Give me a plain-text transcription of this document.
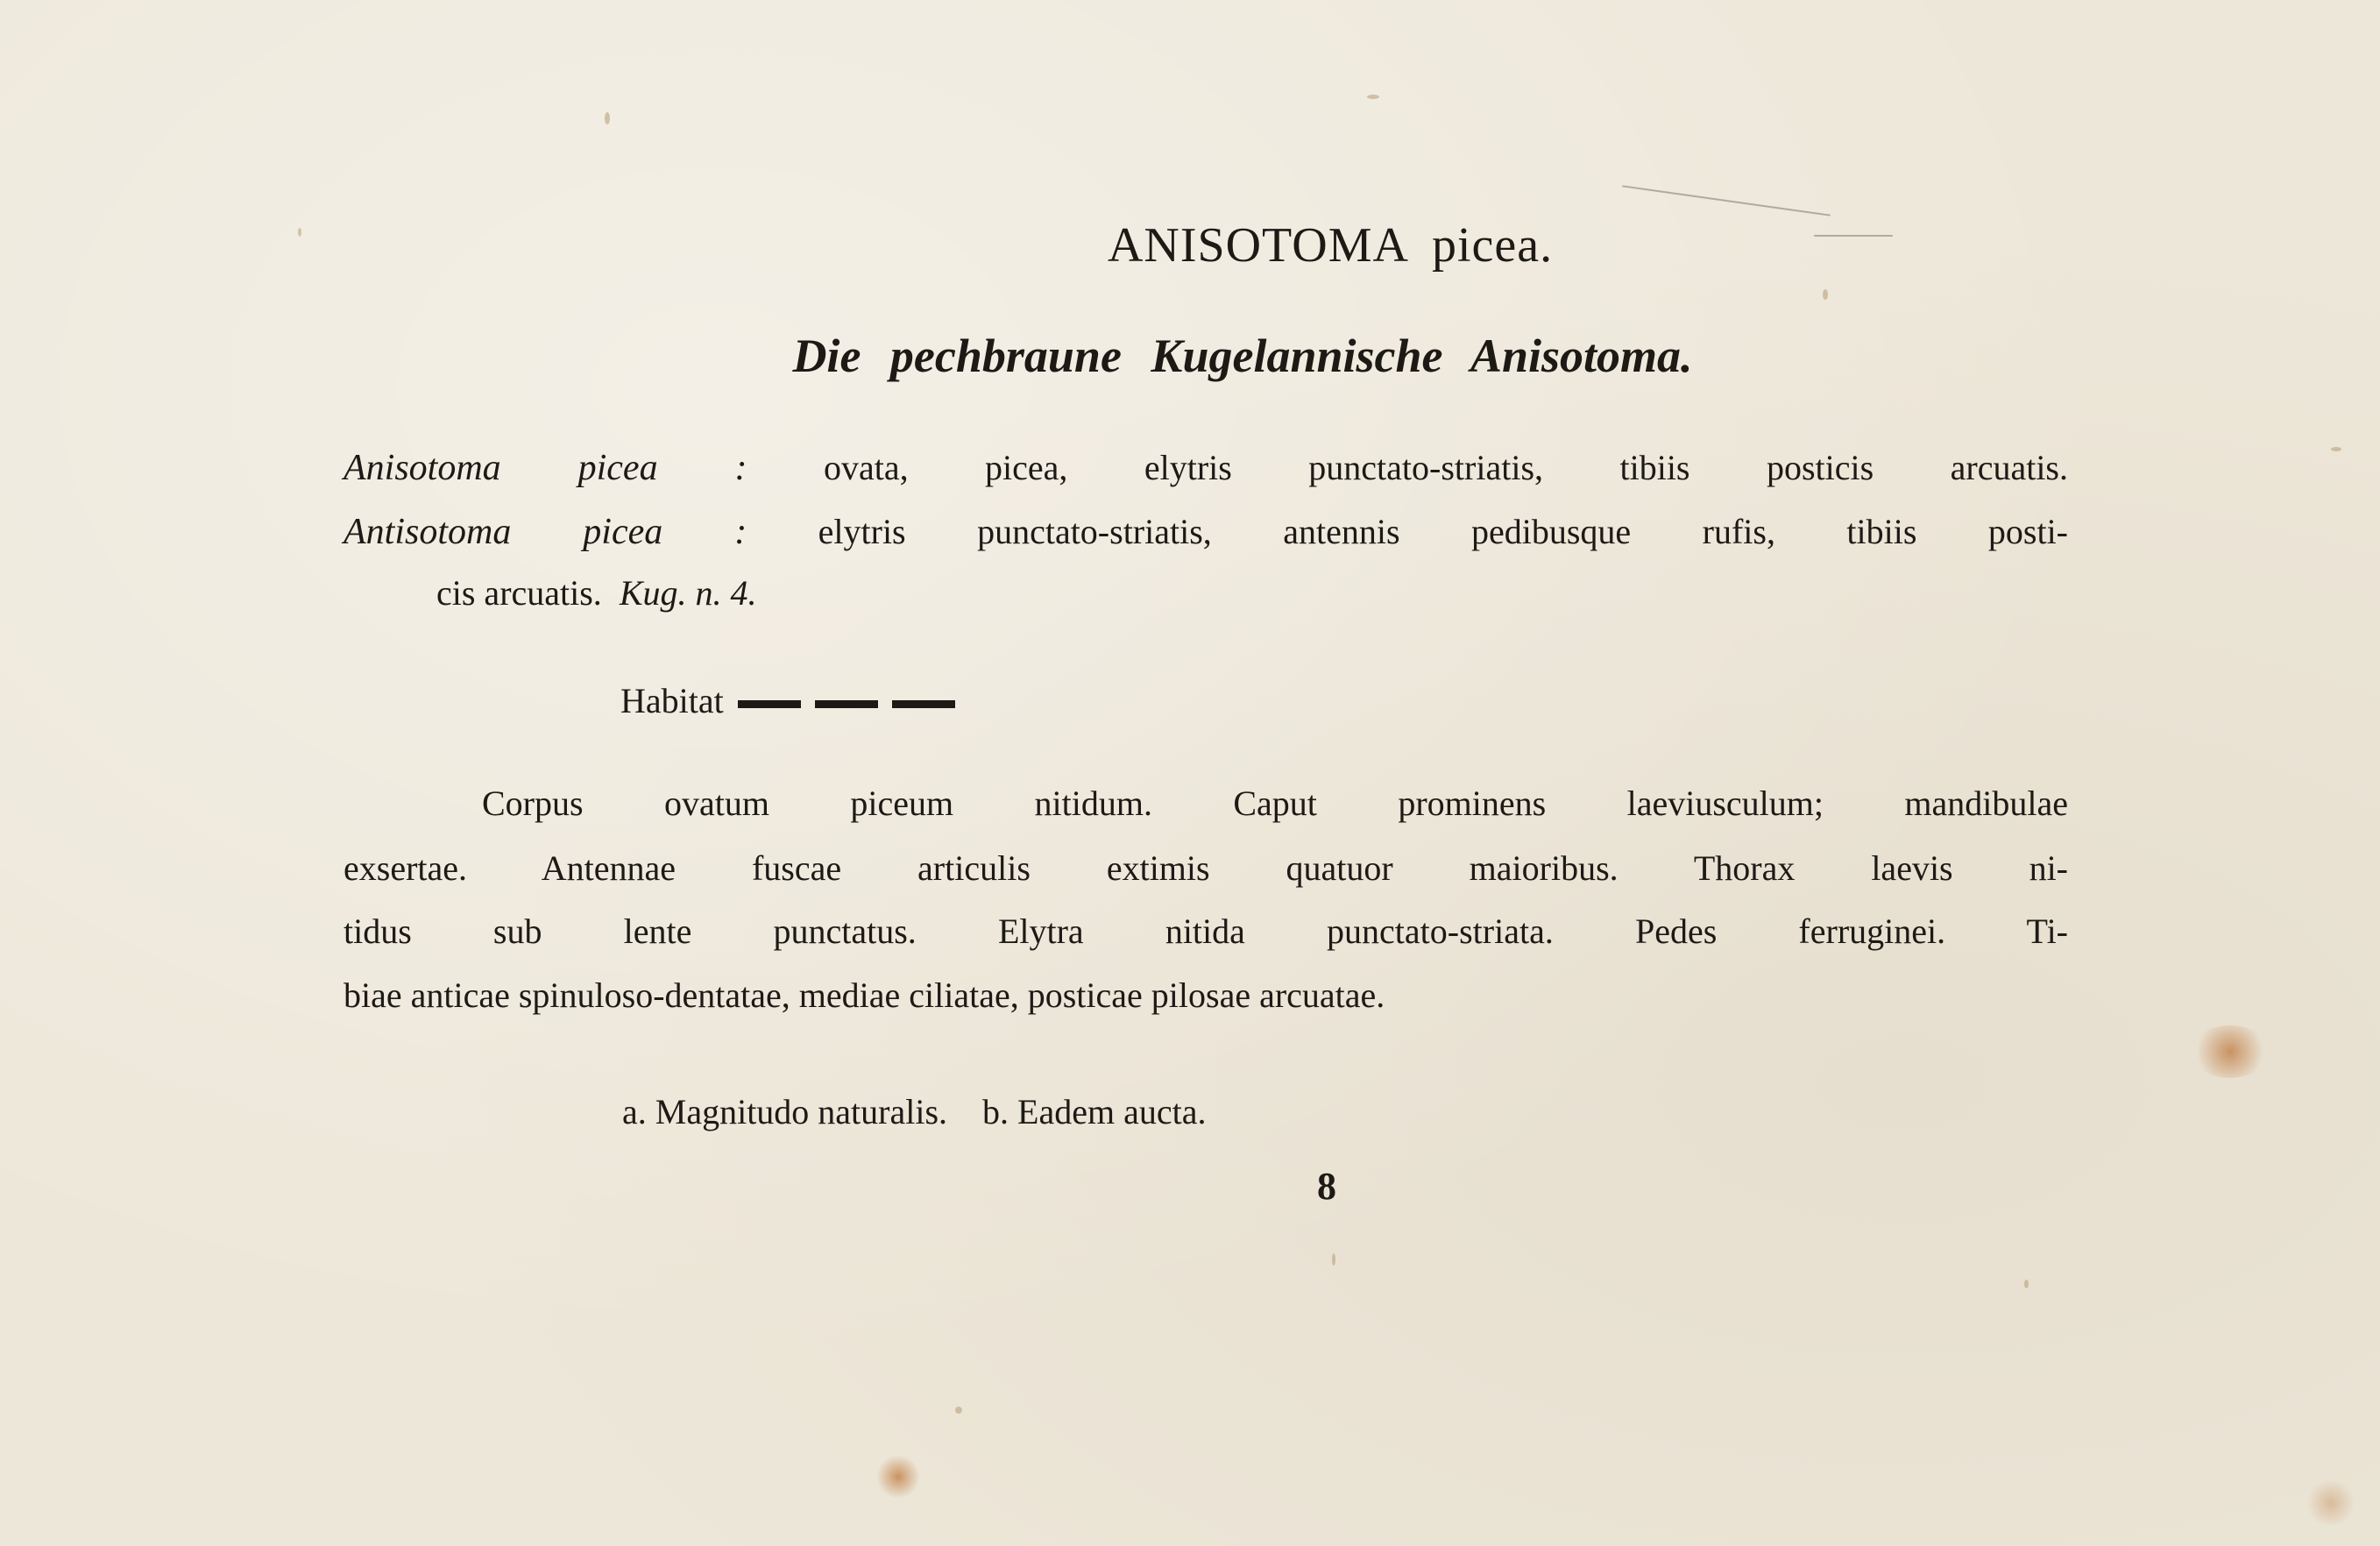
ANISOTOMA picea.
Die pechbraune Kugelannische Anisotoma.
Anisotoma picea : ovata, picea, elytris punctato-striatis, tibiis posticis arcuatis.
Antisotoma picea : elytris punctato-striatis, antennis pedibusque rufis, tibiis posti-
cis arcuatis. Kug. n. 4.
Habitat
Corpus ovatum piceum nitidum. Caput prominens laeviusculum; mandibulae
exsertae. Antennae fuscae articulis extimis quatuor maioribus. Thorax laevis ni-
tidus sub lente punctatus. Elytra nitida punctato-striata. Pedes ferruginei. Ti-
biae anticae spinuloso-dentatae, mediae ciliatae, posticae pilosae arcuatae.
a. Magnitudo naturalis. b. Eadem aucta.
8
